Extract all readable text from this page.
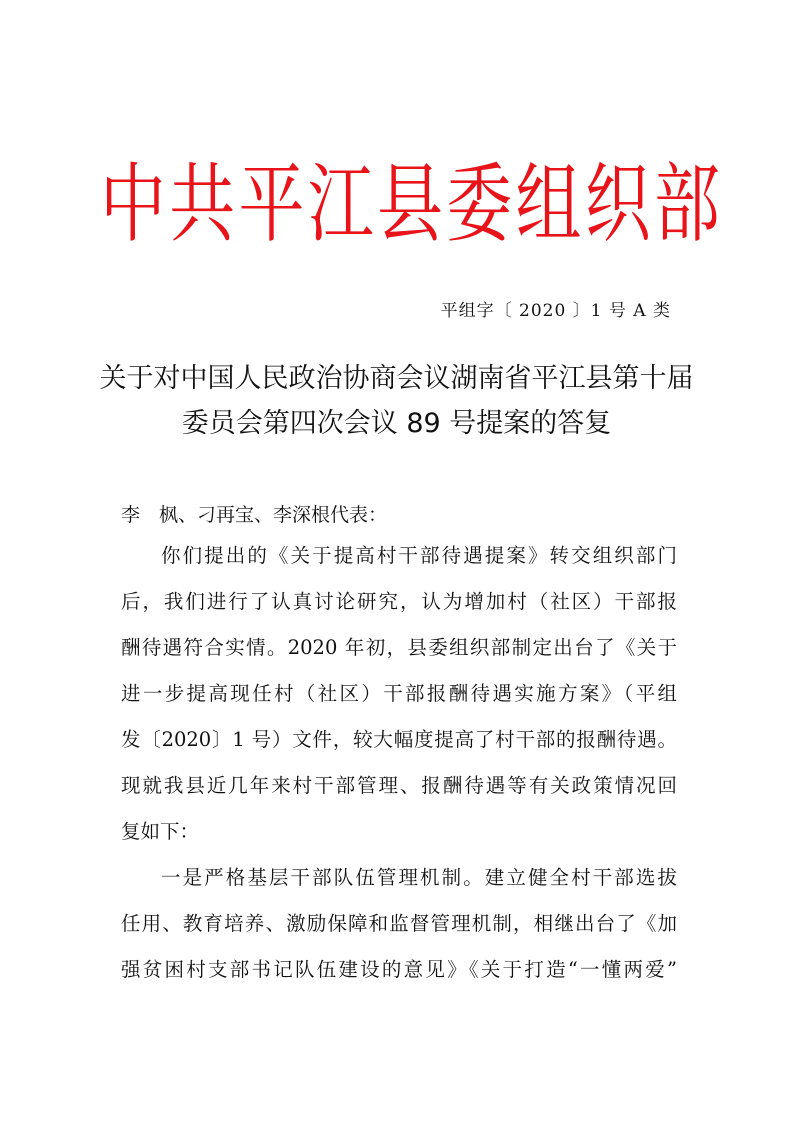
中 共 平 江 县 委 组 织 部
平组字〔 2020 〕1 号 A 类
关于对中国人民政治协商会议湖南省平江县第十届
委员会第四次会议 89 号提案的答复
李　枫、刁再宝、李深根代表：
你们提出的《关于提高村干部待遇提案》转交组织部门
后，我们进行了认真讨论研究，认为增加村（社区）干部报
酬待遇符合实情。2020 年初，县委组织部制定出台了《关于
进一步提高现任村（社区）干部报酬待遇实施方案》（平组
发〔2020〕1 号）文件，较大幅度提高了村干部的报酬待遇。
现就我县近几年来村干部管理、报酬待遇等有关政策情况回
复如下：
一是严格基层干部队伍管理机制。建立健全村干部选拔
任用、教育培养、激励保障和监督管理机制，相继出台了《加
强贫困村支部书记队伍建设的意见》《关于打造“一懂两爱”
